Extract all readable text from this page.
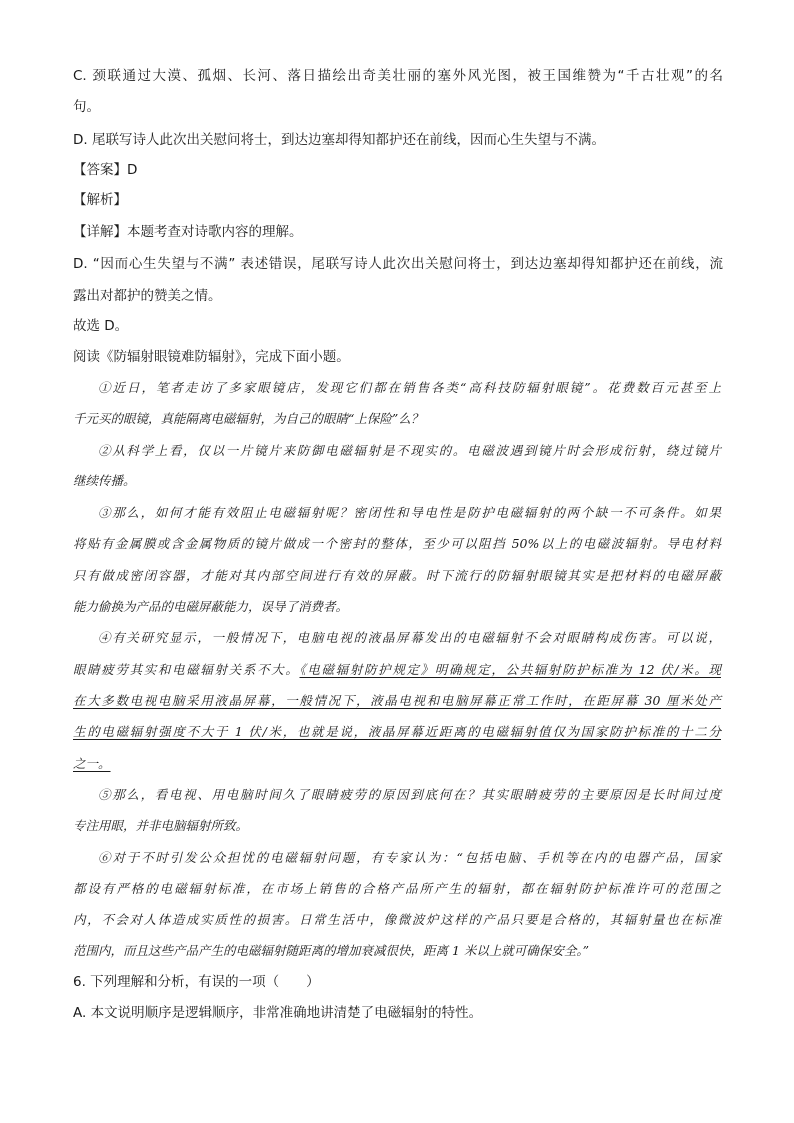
C. 颈联通过大漠、孤烟、长河、落日描绘出奇美壮丽的塞外风光图，被王国维赞为“千古壮观”的名
句。
D. 尾联写诗人此次出关慰问将士，到达边塞却得知都护还在前线，因而心生失望与不满。
【答案】D
【解析】
【详解】本题考查对诗歌内容的理解。
D. “因而心生失望与不满” 表述错误，尾联写诗人此次出关慰问将士，到达边塞却得知都护还在前线，流
露出对都护的赞美之情。
故选 D。
阅读《防辐射眼镜难防辐射》，完成下面小题。
①近日，笔者走访了多家眼镜店，发现它们都在销售各类“高科技防辐射眼镜”。花费数百元甚至上
千元买的眼镜，真能隔离电磁辐射，为自己的眼睛“上保险”么？
②从科学上看，仅以一片镜片来防御电磁辐射是不现实的。电磁波遇到镜片时会形成衍射，绕过镜片
继续传播。
③那么，如何才能有效阻止电磁辐射呢？密闭性和导电性是防护电磁辐射的两个缺一不可条件。如果
将贴有金属膜或含金属物质的镜片做成一个密封的整体，至少可以阻挡 50%以上的电磁波辐射。导电材料
只有做成密闭容器，才能对其内部空间进行有效的屏蔽。时下流行的防辐射眼镜其实是把材料的电磁屏蔽
能力偷换为产品的电磁屏蔽能力，误导了消费者。
④有关研究显示，一般情况下，电脑电视的液晶屏幕发出的电磁辐射不会对眼睛构成伤害。可以说，
眼睛疲劳其实和电磁辐射关系不大。《电磁辐射防护规定》明确规定，公共辐射防护标准为 12 伏/米。现
在大多数电视电脑采用液晶屏幕，一般情况下，液晶电视和电脑屏幕正常工作时，在距屏幕 30 厘米处产
生的电磁辐射强度不大于 1 伏/米，也就是说，液晶屏幕近距离的电磁辐射值仅为国家防护标准的十二分
之一。
⑤那么，看电视、用电脑时间久了眼睛疲劳的原因到底何在？其实眼睛疲劳的主要原因是长时间过度
专注用眼，并非电脑辐射所致。
⑥对于不时引发公众担忧的电磁辐射问题，有专家认为：“包括电脑、手机等在内的电器产品，国家
都设有严格的电磁辐射标准，在市场上销售的合格产品所产生的辐射，都在辐射防护标准许可的范围之
内，不会对人体造成实质性的损害。日常生活中，像微波炉这样的产品只要是合格的，其辐射量也在标准
范围内，而且这些产品产生的电磁辐射随距离的增加衰减很快，距离 1 米以上就可确保安全。”
6. 下列理解和分析，有误的一项（　　）
A. 本文说明顺序是逻辑顺序，非常准确地讲清楚了电磁辐射的特性。
